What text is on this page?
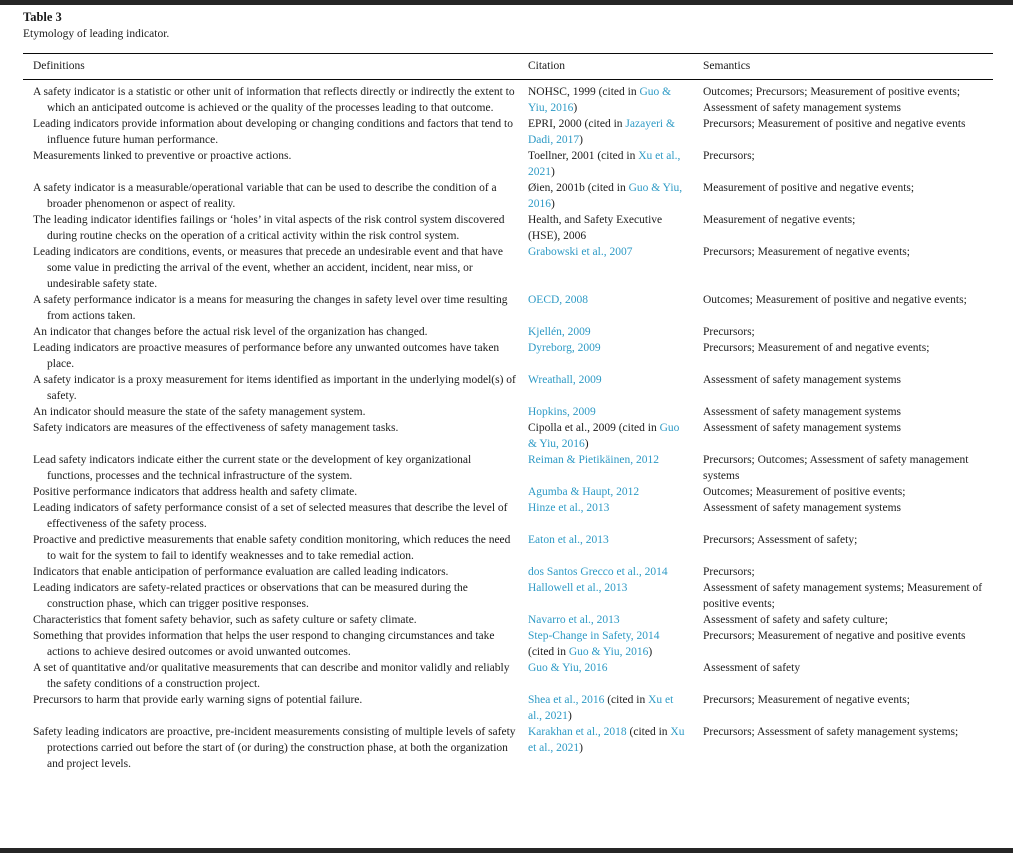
Table 3

Etymology of leading indicator.

Definitions	Citation	Semantics
A safety indicator is a statistic or other unit of information that reflects directly or indirectly the extent to which an anticipated outcome is achieved or the quality of the processes leading to that outcome.	NOHSC, 1999 (cited in Guo & Yiu, 2016)	Outcomes; Precursors; Measurement of positive events; Assessment of safety management systems
Leading indicators provide information about developing or changing conditions and factors that tend to influence future human performance.	EPRI, 2000 (cited in Jazayeri & Dadi, 2017)	Precursors; Measurement of positive and negative events
Measurements linked to preventive or proactive actions.	Toellner, 2001 (cited in Xu et al., 2021)	Precursors;
A safety indicator is a measurable/operational variable that can be used to describe the condition of a broader phenomenon or aspect of reality.	Øien, 2001b (cited in Guo & Yiu, 2016)	Measurement of positive and negative events;
The leading indicator identifies failings or ‘holes’ in vital aspects of the risk control system discovered during routine checks on the operation of a critical activity within the risk control system.	Health, and Safety Executive (HSE), 2006	Measurement of negative events;
Leading indicators are conditions, events, or measures that precede an undesirable event and that have some value in predicting the arrival of the event, whether an accident, incident, near miss, or undesirable safety state.	Grabowski et al., 2007	Precursors; Measurement of negative events;
A safety performance indicator is a means for measuring the changes in safety level over time resulting from actions taken.	OECD, 2008	Outcomes; Measurement of positive and negative events;
An indicator that changes before the actual risk level of the organization has changed.	Kjellén, 2009	Precursors;
Leading indicators are proactive measures of performance before any unwanted outcomes have taken place.	Dyreborg, 2009	Precursors; Measurement of and negative events;
A safety indicator is a proxy measurement for items identified as important in the underlying model(s) of safety.	Wreathall, 2009	Assessment of safety management systems
An indicator should measure the state of the safety management system.	Hopkins, 2009	Assessment of safety management systems
Safety indicators are measures of the effectiveness of safety management tasks.	Cipolla et al., 2009 (cited in Guo & Yiu, 2016)	Assessment of safety management systems
Lead safety indicators indicate either the current state or the development of key organizational functions, processes and the technical infrastructure of the system.	Reiman & Pietikäinen, 2012	Precursors; Outcomes; Assessment of safety management systems
Positive performance indicators that address health and safety climate.	Agumba & Haupt, 2012	Outcomes; Measurement of positive events;
Leading indicators of safety performance consist of a set of selected measures that describe the level of effectiveness of the safety process.	Hinze et al., 2013	Assessment of safety management systems
Proactive and predictive measurements that enable safety condition monitoring, which reduces the need to wait for the system to fail to identify weaknesses and to take remedial action.	Eaton et al., 2013	Precursors; Assessment of safety;
Indicators that enable anticipation of performance evaluation are called leading indicators.	dos Santos Grecco et al., 2014	Precursors;
Leading indicators are safety-related practices or observations that can be measured during the construction phase, which can trigger positive responses.	Hallowell et al., 2013	Assessment of safety management systems; Measurement of positive events;
Characteristics that foment safety behavior, such as safety culture or safety climate.	Navarro et al., 2013	Assessment of safety and safety culture;
Something that provides information that helps the user respond to changing circumstances and take actions to achieve desired outcomes or avoid unwanted outcomes.	Step-Change in Safety, 2014 (cited in Guo & Yiu, 2016)	Precursors; Measurement of negative and positive events
A set of quantitative and/or qualitative measurements that can describe and monitor validly and reliably the safety conditions of a construction project.	Guo & Yiu, 2016	Assessment of safety
Precursors to harm that provide early warning signs of potential failure.	Shea et al., 2016 (cited in Xu et al., 2021)	Precursors; Measurement of negative events;
Safety leading indicators are proactive, pre-incident measurements consisting of multiple levels of safety protections carried out before the start of (or during) the construction phase, at both the organization and project levels.	Karakhan et al., 2018 (cited in Xu et al., 2021)	Precursors; Assessment of safety management systems;
